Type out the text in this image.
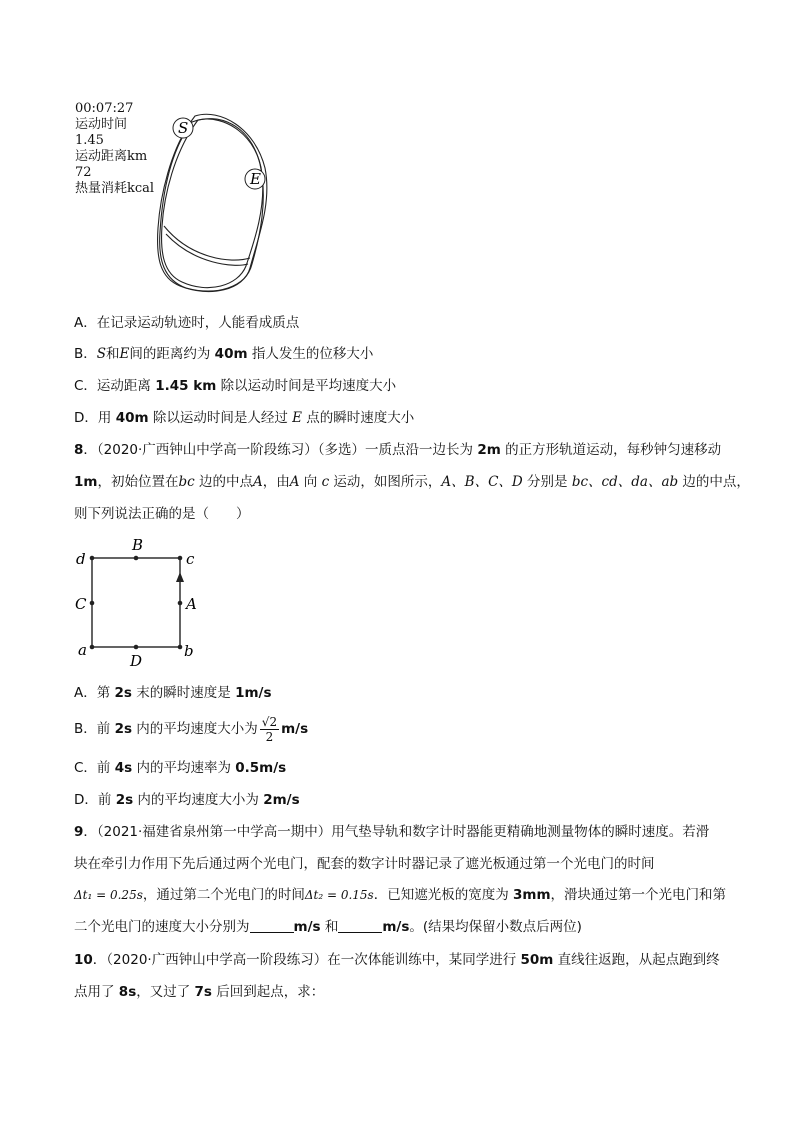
00:07:27
运动时间
1.45
运动距离km
72
热量消耗kcal
S
E
A．在记录运动轨迹时，人能看成质点
B．S和E间的距离约为 40m 指人发生的位移大小
C．运动距离 1.45 km 除以运动时间是平均速度大小
D．用 40m 除以运动时间是人经过 E 点的瞬时速度大小
8．（2020·广西钟山中学高一阶段练习）（多选）一质点沿一边长为 2m 的正方形轨道运动，每秒钟匀速移动
1m，初始位置在bc 边的中点A，由A 向 c 运动，如图所示，A、B、C、D 分别是 bc、cd、da、ab 边的中点，
则下列说法正确的是（　　）
d	c
a	b
B
C	A
D
A．第 2s 末的瞬时速度是 1m/s
B．前 2s 内的平均速度大小为 $\frac{√2}{2} m/s$
C．前 4s 内的平均速率为 0.5m/s
D．前 2s 内的平均速度大小为 2m/s
9．（2021·福建省泉州第一中学高一期中）用气垫导轨和数字计时器能更精确地测量物体的瞬时速度。若滑
块在牵引力作用下先后通过两个光电门，配套的数字计时器记录了遮光板通过第一个光电门的时间
Δt₁ = 0.25s，通过第二个光电门的时间Δt₂ = 0.15s．已知遮光板的宽度为 3mm，滑块通过第一个光电门和第
二个光电门的速度大小分别为	m/s 和	m/s。(结果均保留小数点后两位)
10．（2020·广西钟山中学高一阶段练习）在一次体能训练中，某同学进行 50m 直线往返跑，从起点跑到终
点用了 8s，又过了 7s 后回到起点，求：
